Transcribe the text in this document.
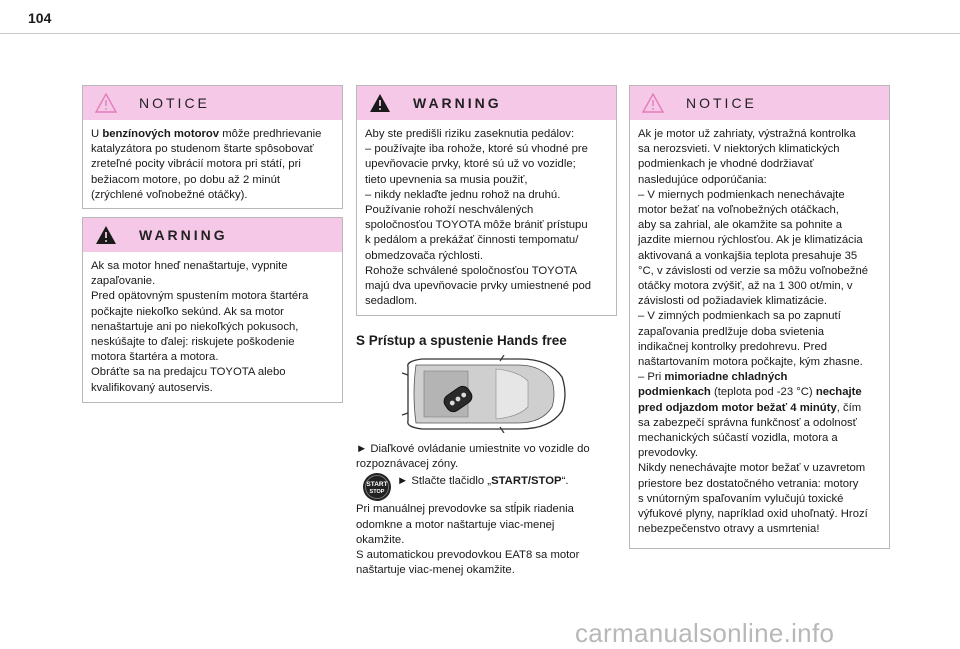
104
NOTICE

U benzínových motorov môže predhrievanie

katalyzátora po studenom štarte spôsobovať

zreteľné pocity vibrácií motora pri státí, pri

bežiacom motore, po dobu až 2 minút

(zrýchlené voľnobežné otáčky).

WARNING

Ak sa motor hneď nenaštartuje, vypnite

zapaľovanie.

Pred opätovným spustením motora štartéra

počkajte niekoľko sekúnd. Ak sa motor

nenaštartuje ani po niekoľkých pokusoch,

neskúšajte to ďalej: riskujete poškodenie

motora štartéra a motora.

Obráťte sa na predajcu TOYOTA alebo

kvalifikovaný autoservis.

WARNING

Aby ste predišli riziku zaseknutia pedálov:

– používajte iba rohože, ktoré sú vhodné pre

upevňovacie prvky, ktoré sú už vo vozidle;

tieto upevnenia sa musia použiť,

– nikdy neklaďte jednu rohož na druhú.

Používanie rohoží neschválených

spoločnosťou TOYOTA môže brániť prístupu

k pedálom a prekážať činnosti tempomatu/

obmedzovača rýchlosti.

Rohože schválené spoločnosťou TOYOTA

majú dva upevňovacie prvky umiestnené pod

sedadlom.

S Prístup a spustenie Hands free

► Diaľkové ovládanie umiestnite vo vozidle do

rozpoznávacej zóny.

► Stlačte tlačidlo „START/STOP“.

Pri manuálnej prevodovke sa stĺpik riadenia

odomkne a motor naštartuje viac-menej

okamžite.

S automatickou prevodovkou EAT8 sa motor

naštartuje viac-menej okamžite.

START
STOP
NOTICE

Ak je motor už zahriaty, výstražná kontrolka

sa nerozsvieti. V niektorých klimatických

podmienkach je vhodné dodržiavať

nasledujúce odporúčania:

– V miernych podmienkach nenechávajte

motor bežať na voľnobežných otáčkach,

aby sa zahrial, ale okamžite sa pohnite a

jazdite miernou rýchlosťou. Ak je klimatizácia

aktivovaná a vonkajšia teplota presahuje 35

°C, v závislosti od verzie sa môžu voľnobežné

otáčky motora zvýšiť, až na 1 300 ot/min, v

závislosti od požiadaviek klimatizácie.

– V zimných podmienkach sa po zapnutí

zapaľovania predlžuje doba svietenia

indikačnej kontrolky predohrevu. Pred

naštartovaním motora počkajte, kým zhasne.

– Pri mimoriadne chladných

podmienkach (teplota pod -23 °C) nechajte

pred odjazdom motor bežať 4 minúty, čím

sa zabezpečí správna funkčnosť a odolnosť

mechanických súčastí vozidla, motora a

prevodovky.

Nikdy nenechávajte motor bežať v uzavretom

priestore bez dostatočného vetrania: motory

s vnútorným spaľovaním vylučujú toxické

výfukové plyny, napríklad oxid uhoľnatý. Hrozí

nebezpečenstvo otravy a usmrtenia!

carmanualsonline.info
